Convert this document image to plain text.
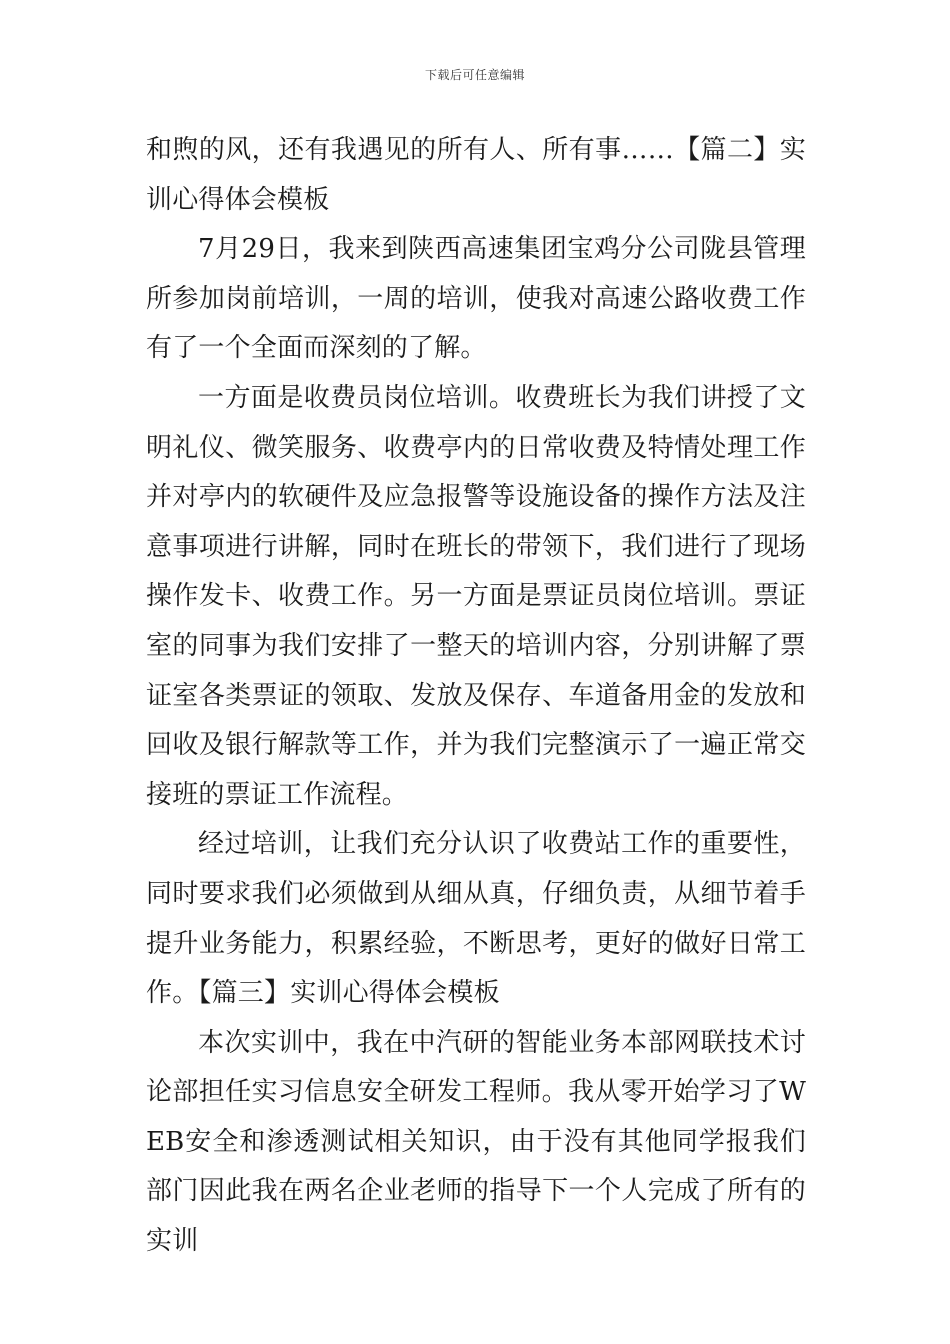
下载后可任意编辑

和煦的风，还有我遇见的所有人、所有事……【篇二】实训心得体会模板

7月29日，我来到陕西高速集团宝鸡分公司陇县管理所参加岗前培训，一周的培训，使我对高速公路收费工作有了一个全面而深刻的了解。

一方面是收费员岗位培训。收费班长为我们讲授了文明礼仪、微笑服务、收费亭内的日常收费及特情处理工作并对亭内的软硬件及应急报警等设施设备的操作方法及注意事项进行讲解，同时在班长的带领下，我们进行了现场操作发卡、收费工作。另一方面是票证员岗位培训。票证室的同事为我们安排了一整天的培训内容，分别讲解了票证室各类票证的领取、发放及保存、车道备用金的发放和回收及银行解款等工作，并为我们完整演示了一遍正常交接班的票证工作流程。

经过培训，让我们充分认识了收费站工作的重要性，同时要求我们必须做到从细从真，仔细负责，从细节着手提升业务能力，积累经验，不断思考，更好的做好日常工作。【篇三】实训心得体会模板

本次实训中，我在中汽研的智能业务本部网联技术讨论部担任实习信息安全研发工程师。我从零开始学习了WEB安全和渗透测试相关知识，由于没有其他同学报我们部门因此我在两名企业老师的指导下一个人完成了所有的实训
